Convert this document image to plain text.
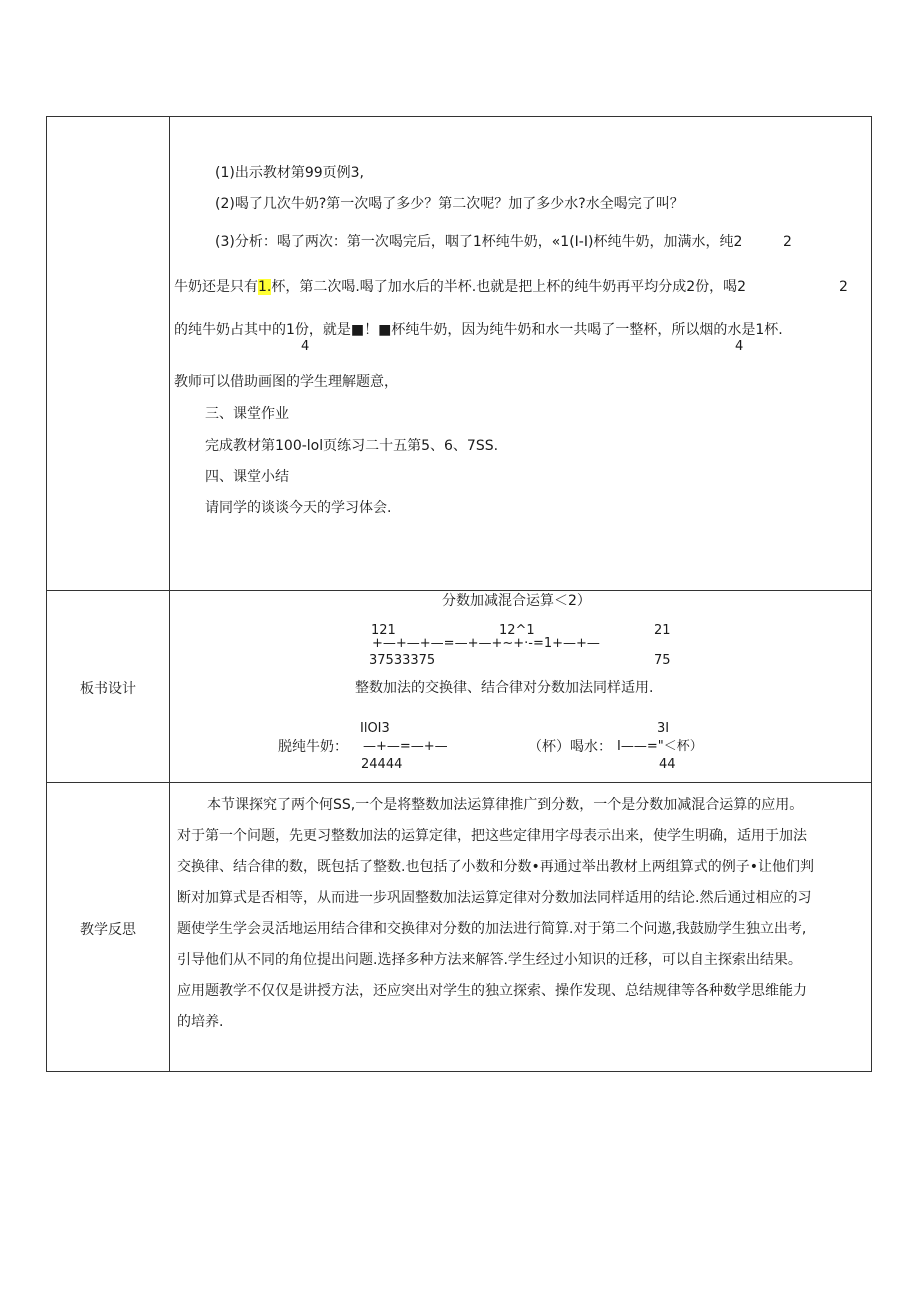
(1)出示教材第99页例3,
(2)喝了几次牛奶?第一次喝了多少？第二次呢？加了多少水?水全喝完了叫？
(3)分析：喝了两次：第一次喝完后，咽了1杯纯牛奶，«1(I-I)杯纯牛奶，加满水，纯2	2
牛奶还是只有1.杯，第二次喝.喝了加水后的半杯.也就是把上杯的纯牛奶再平均分成2份，喝2	2
的纯牛奶占其中的1份，就是■！■杯纯牛奶，因为纯牛奶和水一共喝了一整杯，所以烟的水是1杯.
4	4
教师可以借助画图的学生理解题意，
三、课堂作业
完成教材第100-lol页练习二十五第5、6、7SS.
四、课堂小结
请同学的谈谈今天的学习体会.
板书设计
分数加减混合运算＜2）
121	12^1	21
+—+—+—=—+—+~+·-=1+—+—
37533375	75
整数加法的交换律、结合律对分数加法同样适用.
IlOI3	3I
脱纯牛奶： —+—=—+—	（杯）喝水： I——="＜杯）
24444	44
教学反思

本节课探究了两个何SS,一个是将整数加法运算律推广到分数，一个是分数加减混合运算的应用。

对于第一个问题，先更习整数加法的运算定律，把这些定律用字母表示出来，使学生明确，适用于加法

交换律、结合律的数，既包括了整数.也包括了小数和分数•再通过举出教材上两组算式的例子•让他们判

断对加算式是否相等，从而进一步巩固整数加法运算定律对分数加法同样适用的结论.然后通过相应的习

题使学生学会灵活地运用结合律和交换律对分数的加法进行简算.对于第二个问遨,我鼓励学生独立出考,

引导他们从不同的角位提出问题.选择多种方法来解答.学生经过小知识的迁移，可以自主探索出结果。

应用题教学不仅仅是讲授方法，还应突出对学生的独立探索、操作发现、总结规律等各种数学思维能力

的培养.
